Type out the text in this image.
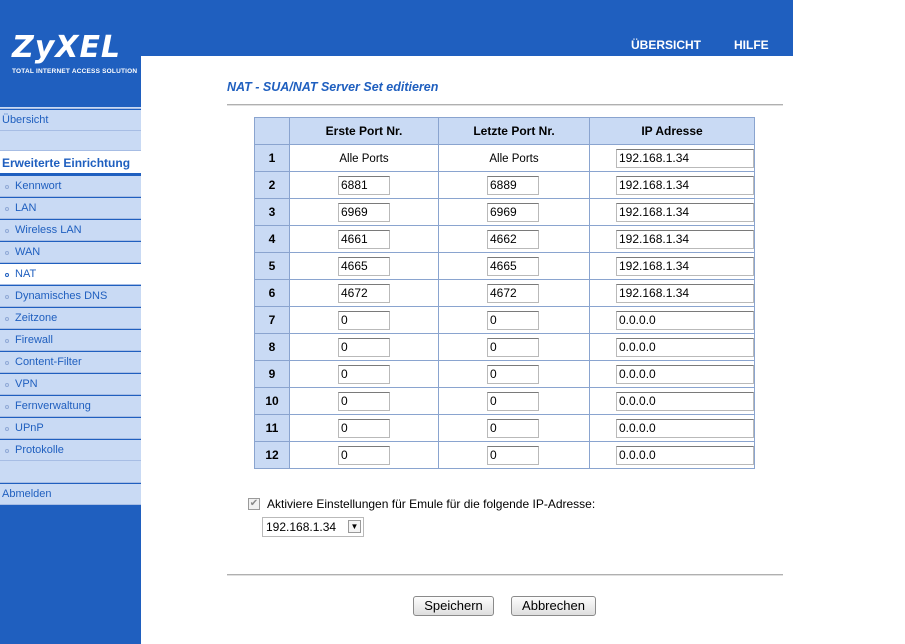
ZyXEL
TOTAL INTERNET ACCESS SOLUTION
ÜBERSICHT	HILFE
Übersicht
Erweiterte Einrichtung
Kennwort
LAN
Wireless LAN
WAN
NAT
Dynamisches DNS
Zeitzone
Firewall
Content-Filter
VPN
Fernverwaltung
UPnP
Protokolle
Abmelden
NAT - SUA/NAT Server Set editieren
	Erste Port Nr.	Letzte Port Nr.	IP Adresse
1	Alle Ports	Alle Ports	192.168.1.34
2	6881	6889	192.168.1.34
3	6969	6969	192.168.1.34
4	4661	4662	192.168.1.34
5	4665	4665	192.168.1.34
6	4672	4672	192.168.1.34
7	0	0	0.0.0.0
8	0	0	0.0.0.0
9	0	0	0.0.0.0
10	0	0	0.0.0.0
11	0	0	0.0.0.0
12	0	0	0.0.0.0
✔ Aktiviere Einstellungen für Emule für die folgende IP-Adresse:
192.168.1.34	▼
Speichern	Abbrechen
